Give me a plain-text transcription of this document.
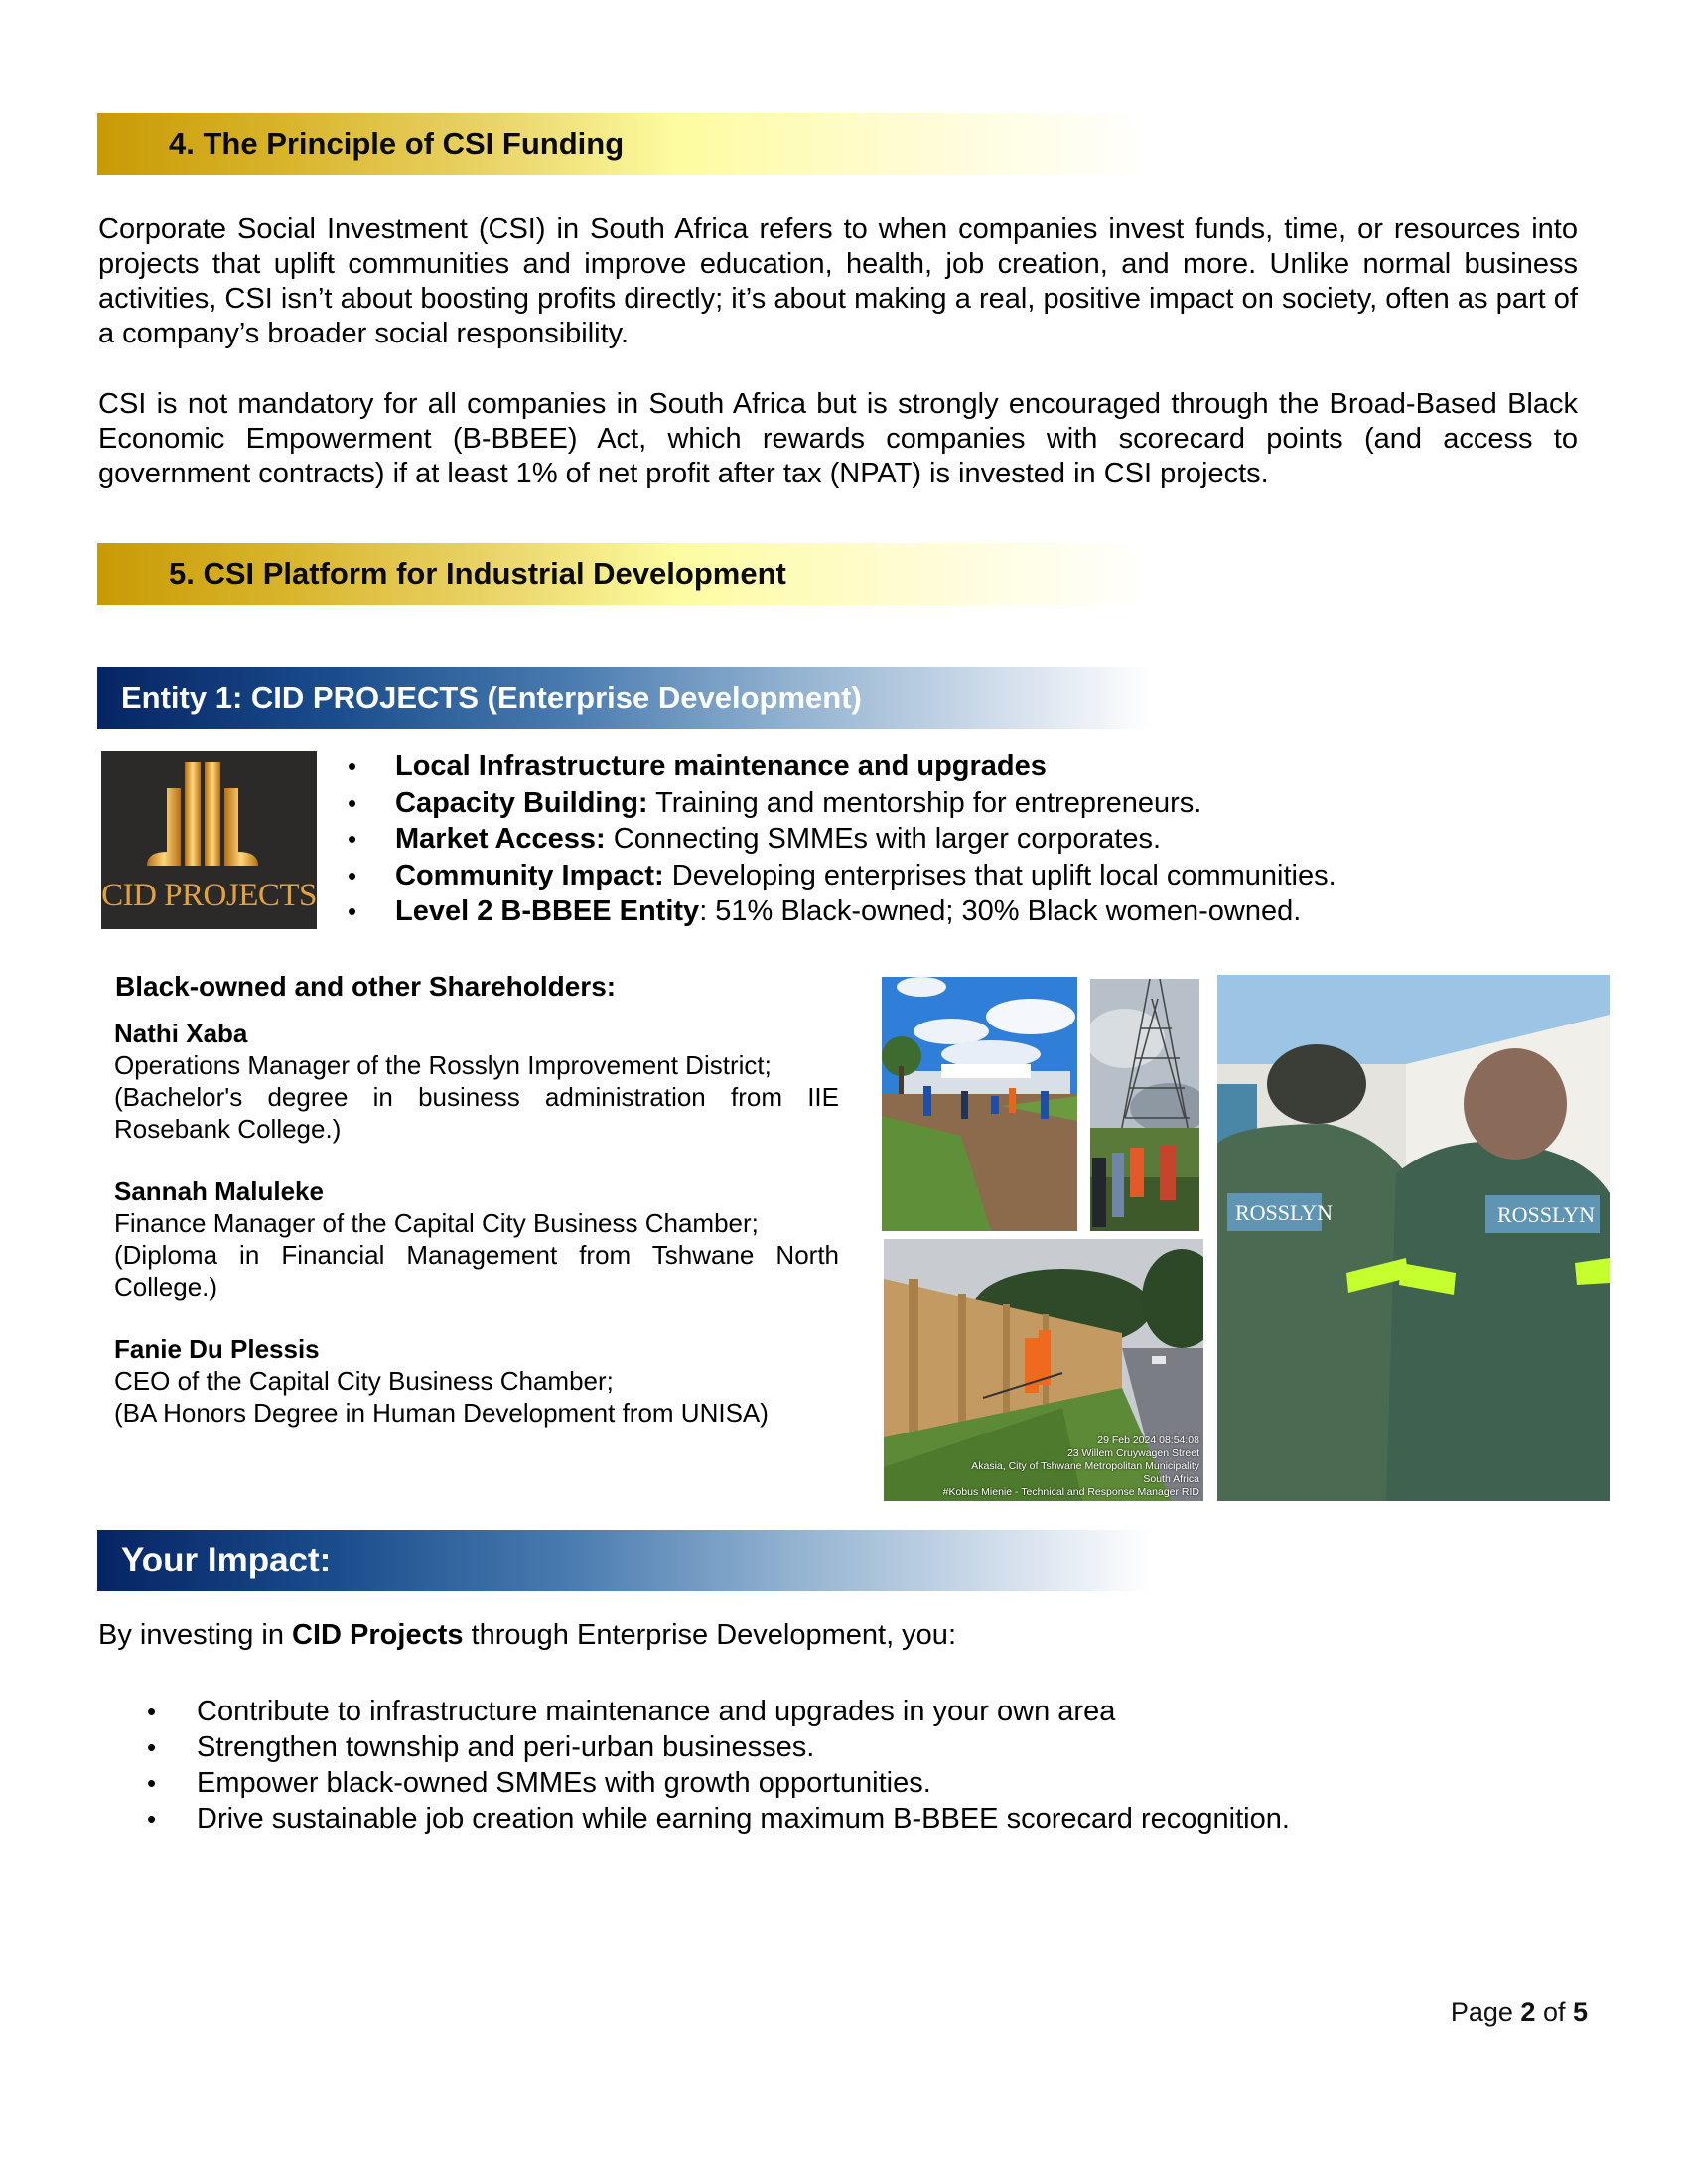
4. The Principle of CSI Funding
Corporate Social Investment (CSI) in South Africa refers to when companies invest funds, time, or resources into projects that uplift communities and improve education, health, job creation, and more. Unlike normal business activities, CSI isn’t about boosting profits directly; it’s about making a real, positive impact on society, often as part of a company’s broader social responsibility.
CSI is not mandatory for all companies in South Africa but is strongly encouraged through the Broad-Based Black Economic Empowerment (B-BBEE) Act, which rewards companies with scorecard points (and access to government contracts) if at least 1% of net profit after tax (NPAT) is invested in CSI projects.
5. CSI Platform for Industrial Development
Entity 1: CID PROJECTS (Enterprise Development)
CID PROJECTS
• Local Infrastructure maintenance and upgrades
• Capacity Building: Training and mentorship for entrepreneurs.
• Market Access: Connecting SMMEs with larger corporates.
• Community Impact: Developing enterprises that uplift local communities.
• Level 2 B-BBEE Entity: 51% Black-owned; 30% Black women-owned.
Black-owned and other Shareholders:
Nathi Xaba
Operations Manager of the Rosslyn Improvement District;
(Bachelor's degree in business administration from IIE Rosebank College.)
Sannah Maluleke
Finance Manager of the Capital City Business Chamber;
(Diploma in Financial Management from Tshwane North College.)
Fanie Du Plessis
CEO of the Capital City Business Chamber;
(BA Honors Degree in Human Development from UNISA)
29 Feb 2024 08:54:08
23 Willem Cruywagen Street
Akasia, City of Tshwane Metropolitan Municipality
South Africa
#Kobus Mienie - Technical and Response Manager RID
ROSSLYN	ROSSLYN
Your Impact:
By investing in CID Projects through Enterprise Development, you:
• Contribute to infrastructure maintenance and upgrades in your own area
• Strengthen township and peri-urban businesses.
• Empower black-owned SMMEs with growth opportunities.
• Drive sustainable job creation while earning maximum B-BBEE scorecard recognition.
Page 2 of 5
